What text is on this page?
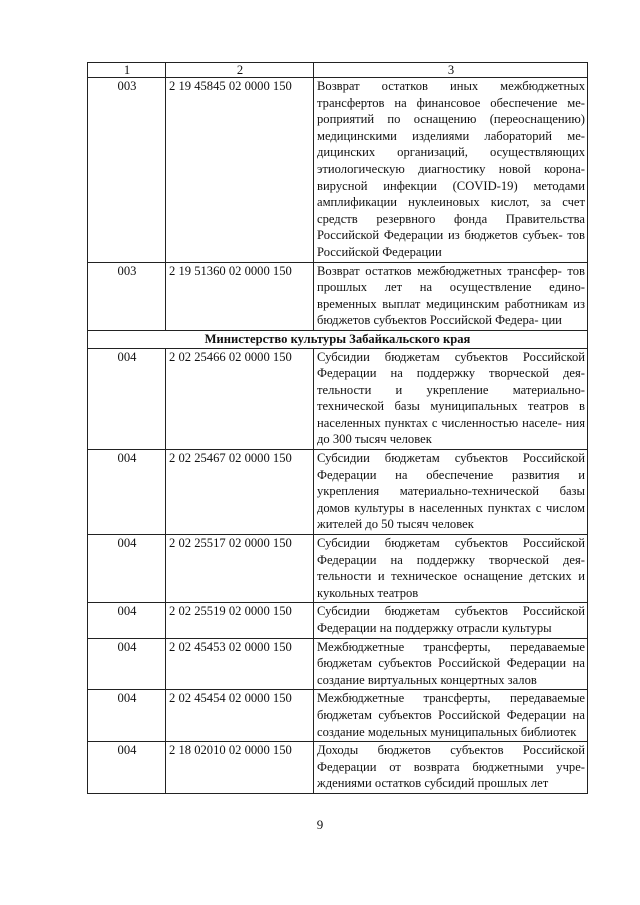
1	2	3
003	2 19 45845 02 0000 150	Возврат остатков иных межбюджетных трансфертов на финансовое обеспечение ме- роприятий по оснащению (переоснащению) медицинскими изделиями лабораторий ме- дицинских организаций, осуществляющих этиологическую диагностику новой корона- вирусной инфекции (COVID-19) методами амплификации нуклеиновых кислот, за счет средств резервного фонда Правительства Российской Федерации из бюджетов субъек- тов Российской Федерации
003	2 19 51360 02 0000 150	Возврат остатков межбюджетных трансфер- тов прошлых лет на осуществление едино- временных выплат медицинским работникам из бюджетов субъектов Российской Федера- ции
Министерство культуры Забайкальского края		
004	2 02 25466 02 0000 150	Субсидии бюджетам субъектов Российской Федерации на поддержку творческой дея- тельности и укрепление материально- технической базы муниципальных театров в населенных пунктах с численностью населе- ния до 300 тысяч человек
004	2 02 25467 02 0000 150	Субсидии бюджетам субъектов Российской Федерации на обеспечение развития и укрепления материально-технической базы домов культуры в населенных пунктах с числом жителей до 50 тысяч человек
004	2 02 25517 02 0000 150	Субсидии бюджетам субъектов Российской Федерации на поддержку творческой дея- тельности и техническое оснащение детских и кукольных театров
004	2 02 25519 02 0000 150	Субсидии бюджетам субъектов Российской Федерации на поддержку отрасли культуры
004	2 02 45453 02 0000 150	Межбюджетные трансферты, передаваемые бюджетам субъектов Российской Федерации на создание виртуальных концертных залов
004	2 02 45454 02 0000 150	Межбюджетные трансферты, передаваемые бюджетам субъектов Российской Федерации на создание модельных муниципальных библиотек
004	2 18 02010 02 0000 150	Доходы бюджетов субъектов Российской Федерации от возврата бюджетными учре- ждениями остатков субсидий прошлых лет
9
